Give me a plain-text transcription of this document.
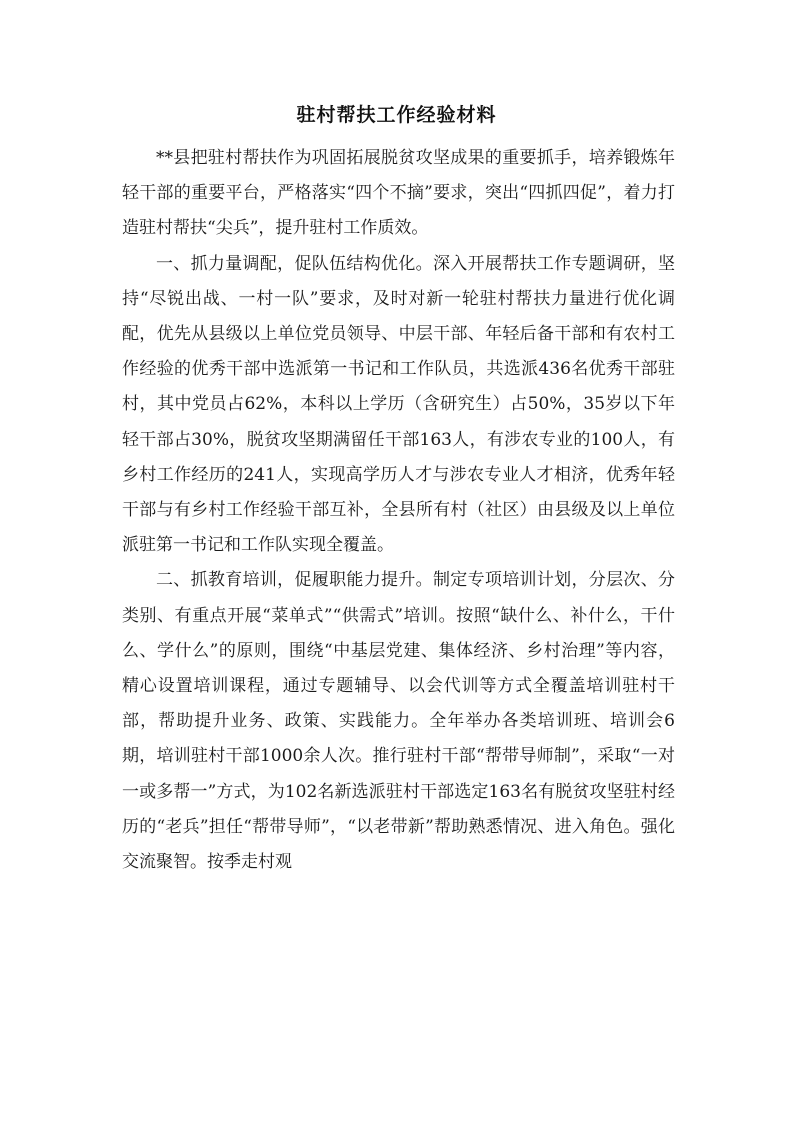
驻村帮扶工作经验材料

**县把驻村帮扶作为巩固拓展脱贫攻坚成果的重要抓手，培养锻炼年轻干部的重要平台，严格落实“四个不摘”要求，突出“四抓四促”，着力打造驻村帮扶“尖兵”，提升驻村工作质效。

一、抓力量调配，促队伍结构优化。深入开展帮扶工作专题调研，坚持“尽锐出战、一村一队”要求，及时对新一轮驻村帮扶力量进行优化调配，优先从县级以上单位党员领导、中层干部、年轻后备干部和有农村工作经验的优秀干部中选派第一书记和工作队员，共选派436名优秀干部驻村，其中党员占62%，本科以上学历（含研究生）占50%，35岁以下年轻干部占30%，脱贫攻坚期满留任干部163人，有涉农专业的100人，有乡村工作经历的241人，实现高学历人才与涉农专业人才相济，优秀年轻干部与有乡村工作经验干部互补，全县所有村（社区）由县级及以上单位派驻第一书记和工作队实现全覆盖。

二、抓教育培训，促履职能力提升。制定专项培训计划，分层次、分类别、有重点开展“菜单式”“供需式”培训。按照“缺什么、补什么，干什么、学什么”的原则，围绕“中基层党建、集体经济、乡村治理”等内容，精心设置培训课程，通过专题辅导、以会代训等方式全覆盖培训驻村干部，帮助提升业务、政策、实践能力。全年举办各类培训班、培训会6期，培训驻村干部1000余人次。推行驻村干部“帮带导师制”，采取“一对一或多帮一”方式，为102名新选派驻村干部选定163名有脱贫攻坚驻村经历的“老兵”担任“帮带导师”，“以老带新”帮助熟悉情况、进入角色。强化交流聚智。按季走村观
